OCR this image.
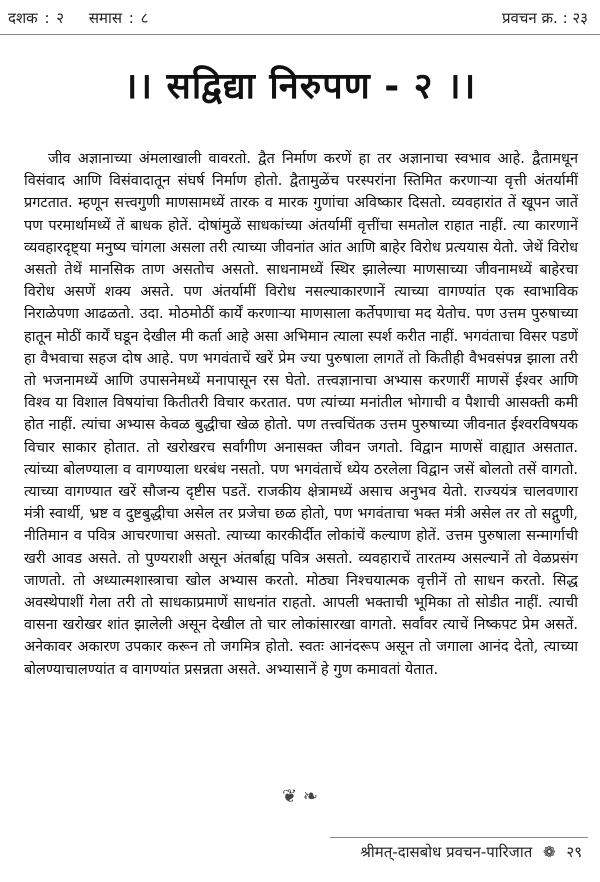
दशक : २ समास : ८	प्रवचन क्र. : २३
।। सद्विद्या निरुपण - २ ।।
जीव अज्ञानाच्या अंमलाखाली वावरतो. द्वैत निर्माण करणें हा तर अज्ञानाचा स्वभाव आहे. द्वैतामधून विसंवाद आणि विसंवादातून संघर्ष निर्माण होतो. द्वैतामुळेंच परस्परांना स्तिमित करणाऱ्या वृत्ती अंतर्यामीं प्रगटतात. म्हणून सत्त्वगुणी माणसामध्यें तारक व मारक गुणांचा अविष्कार दिसतो. व्यवहारांत तें खूपन जातें पण परमार्थामध्यें तें बाधक होतें. दोषांमुळें साधकांच्या अंतर्यामीं वृत्तींचा समतोल राहात नाहीं. त्या कारणानें व्यवहारदृष्ट्या मनुष्य चांगला असला तरी त्याच्या जीवनांत आंत आणि बाहेर विरोध प्रत्ययास येतो. जेथें विरोध असतो तेथें मानसिक ताण असतोच असतो. साधनामध्यें स्थिर झालेल्या माणसाच्या जीवनामध्यें बाहेरचा विरोध असणें शक्य असते. पण अंतर्यामीं विरोध नसल्याकारणानें त्याच्या वागण्यांत एक स्वाभाविक निराळेपणा आढळतो. उदा. मोठमोठीं कार्यें करणाऱ्या माणसाला कर्तेपणाचा मद येतोच. पण उत्तम पुरुषाच्या हातून मोठीं कार्यें घडून देखील मी कर्ता आहे असा अभिमान त्याला स्पर्श करीत नाहीं. भगवंताचा विसर पडणें हा वैभवाचा सहज दोष आहे. पण भगवंताचें खरें प्रेम ज्या पुरुषाला लागतें तो कितीही वैभवसंपन्न झाला तरी तो भजनामध्यें आणि उपासनेमध्यें मनापासून रस घेतो. तत्त्वज्ञानाचा अभ्यास करणारीं माणसें ईश्वर आणि विश्व या विशाल विषयांचा कितीतरी विचार करतात. पण त्यांच्या मनांतील भोगाची व पैशाची आसक्ती कमी होत नाहीं. त्यांचा अभ्यास केवळ बुद्धीचा खेळ होतो. पण तत्त्वचिंतक उत्तम पुरुषाच्या जीवनात ईश्वरविषयक विचार साकार होतात. तो खरोखरच सर्वांगीण अनासक्त जीवन जगतो. विद्वान माणसें वाह्यात असतात. त्यांच्या बोलण्याला व वागण्याला धरबंध नसतो. पण भगवंताचें ध्येय ठरलेला विद्वान जसें बोलतो तसें वागतो. त्याच्या वागण्यात खरें सौजन्य दृष्टीस पडतें. राजकीय क्षेत्रामध्यें असाच अनुभव येतो. राज्ययंत्र चालवणारा मंत्री स्वार्थी, भ्रष्ट व दुष्टबुद्धीचा असेल तर प्रजेचा छळ होतो, पण भगवंताचा भक्त मंत्री असेल तर तो सद्गुणी, नीतिमान व पवित्र आचरणाचा असतो. त्याच्या कारकीर्दीत लोकांचें कल्याण होतें. उत्तम पुरुषाला सन्मार्गाची खरी आवड असते. तो पुण्यराशी असून अंतर्बाह्य पवित्र असतो. व्यवहाराचें तारतम्य असल्यानें तो वेळप्रसंग जाणतो. तो अध्यात्मशास्त्राचा खोल अभ्यास करतो. मोठ्या निश्चयात्मक वृत्तीनें तो साधन करतो. सिद्ध अवस्थेपाशीं गेला तरी तो साधकाप्रमाणें साधनांत राहतो. आपली भक्ताची भूमिका तो सोडीत नाहीं. त्याची वासना खरोखर शांत झालेली असून देखील तो चार लोकांसारखा वागतो. सर्वांवर त्याचें निष्कपट प्रेम असतें. अनेकावर अकारण उपकार करून तो जगमित्र होतो. स्वतः आनंदरूप असून तो जगाला आनंद देतो, त्याच्या बोलण्याचालण्यांत व वागण्यांत प्रसन्नता असते. अभ्यासानें हे गुण कमावतां येतात.
❦ ❧
श्रीमत्-दासबोध प्रवचन-पारिजात ❁ २९
